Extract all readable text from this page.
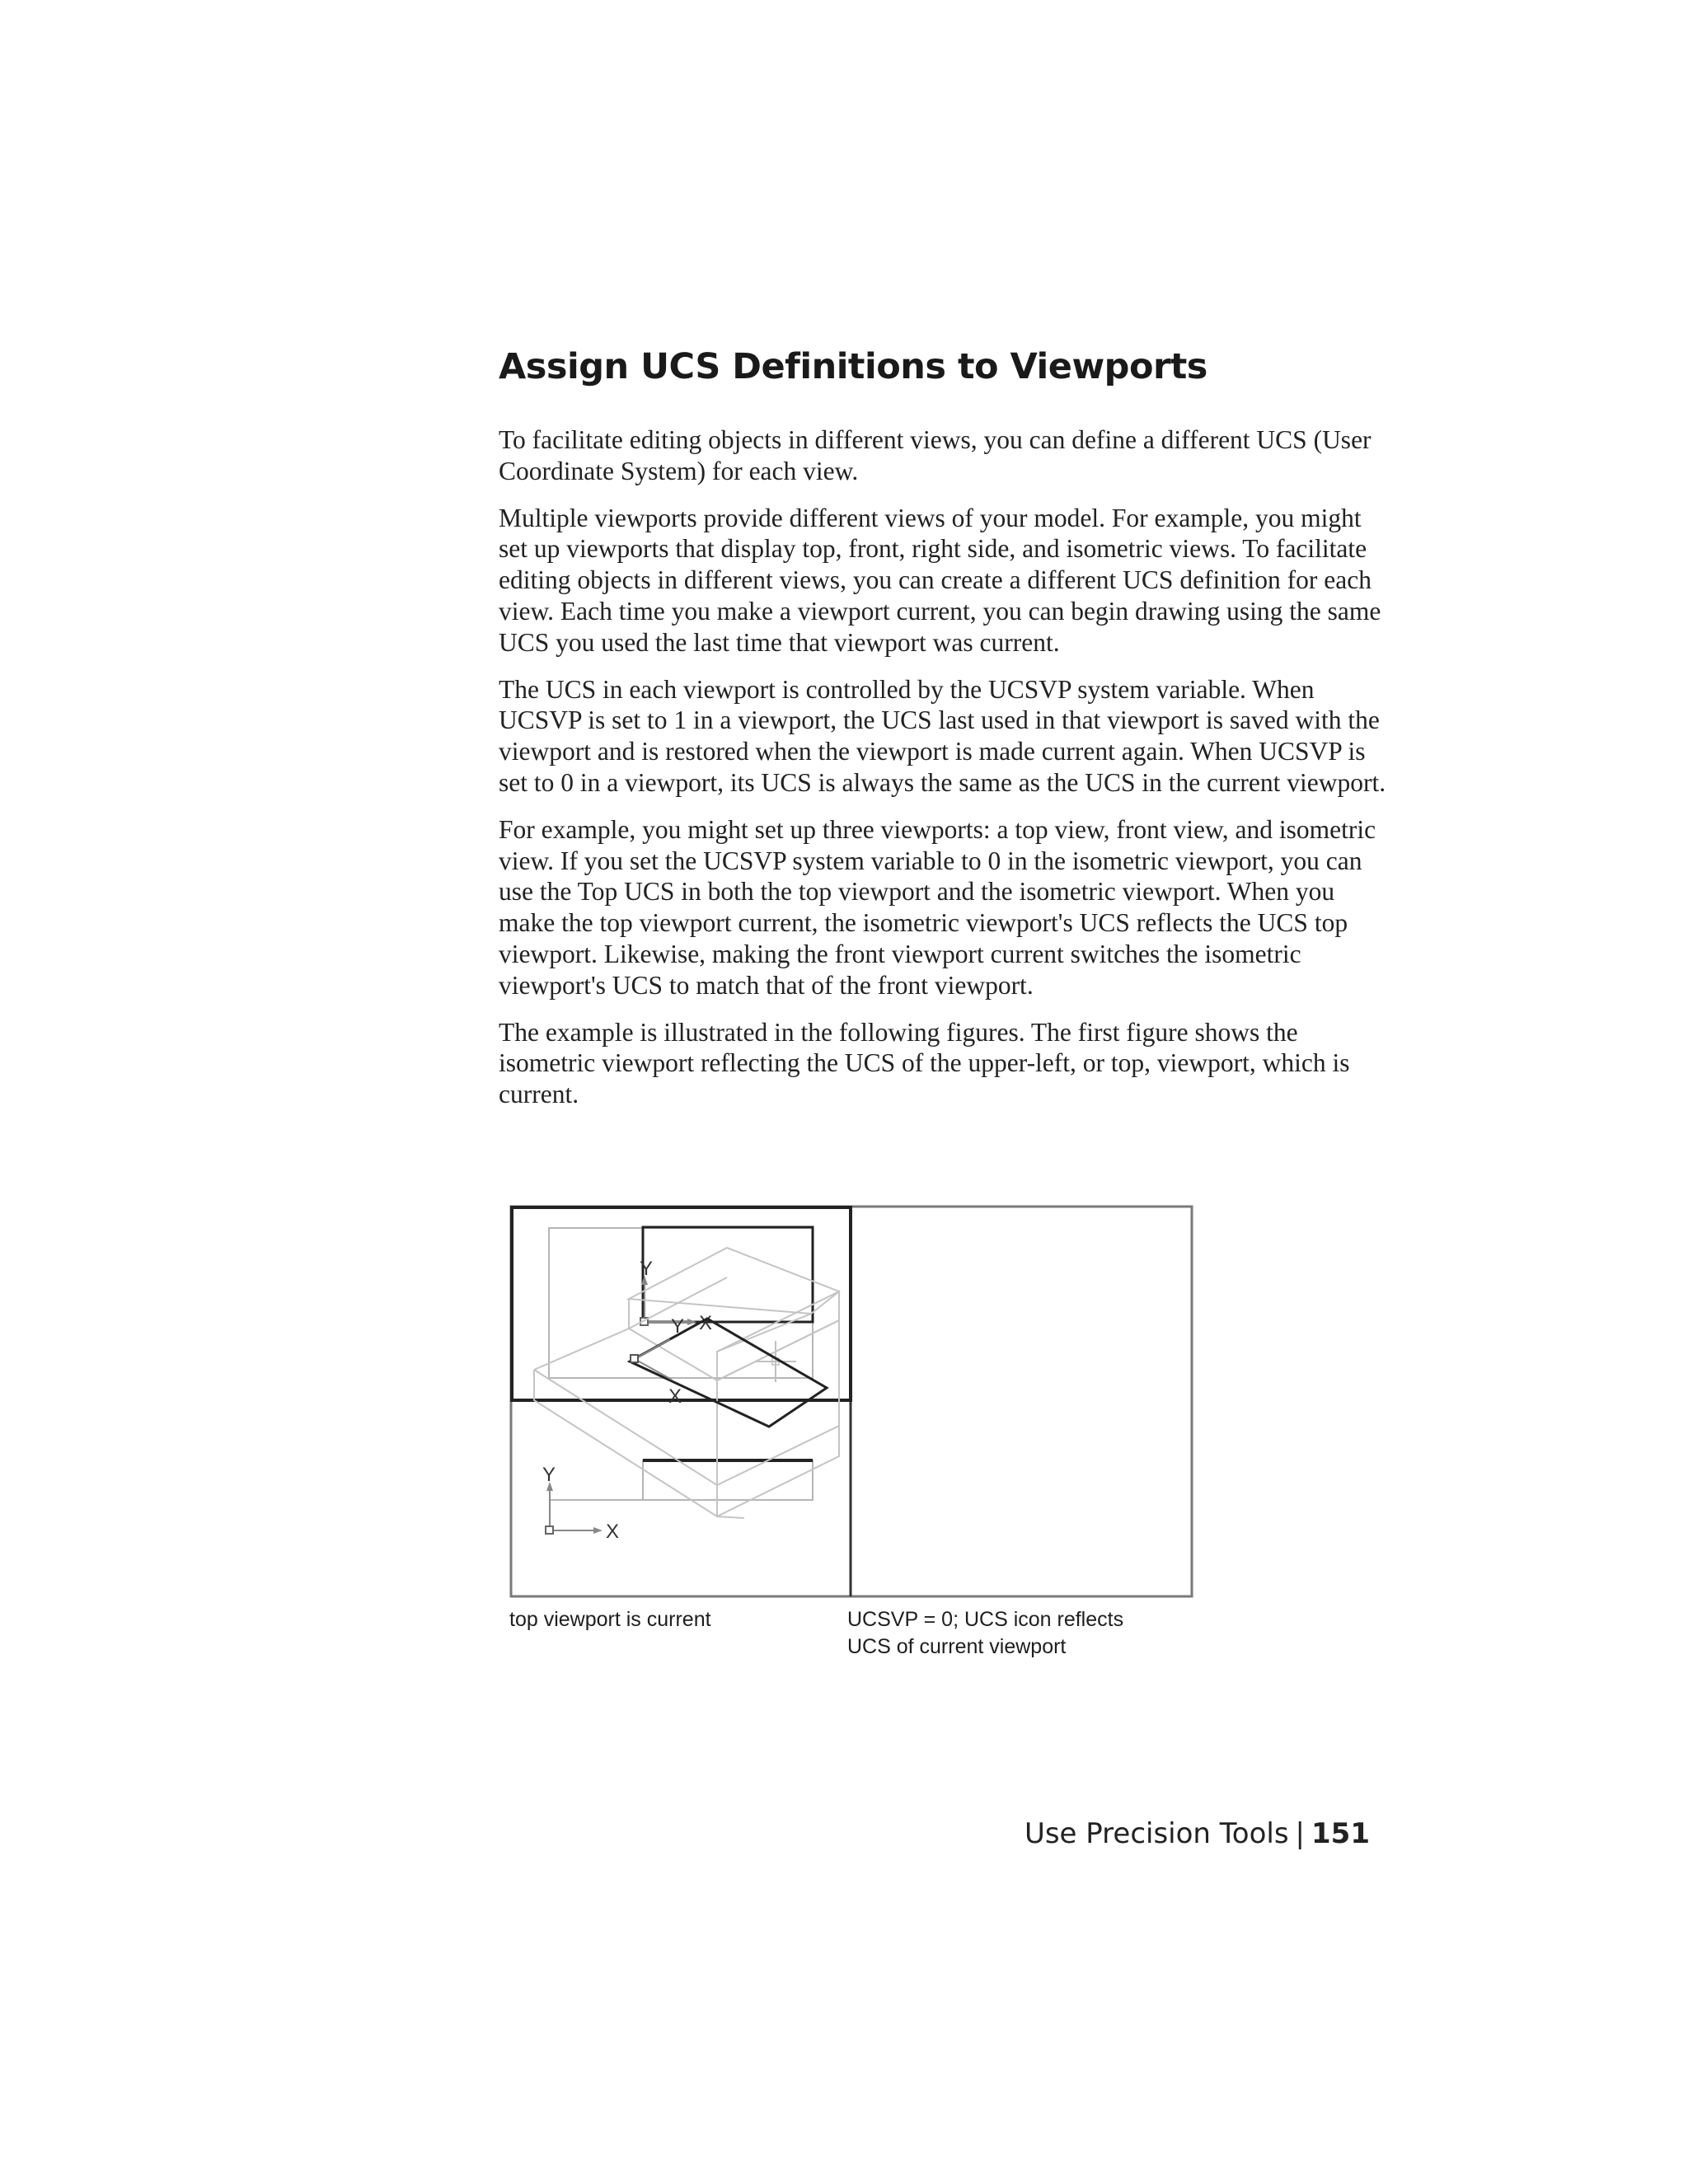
Assign UCS Definitions to Viewports

To facilitate editing objects in different views, you can define a different UCS (User Coordinate System) for each view.

Multiple viewports provide different views of your model. For example, you might set up viewports that display top, front, right side, and isometric views. To facilitate editing objects in different views, you can create a different UCS definition for each view. Each time you make a viewport current, you can begin drawing using the same UCS you used the last time that viewport was current.

The UCS in each viewport is controlled by the UCSVP system variable. When UCSVP is set to 1 in a viewport, the UCS last used in that viewport is saved with the viewport and is restored when the viewport is made current again. When UCSVP is set to 0 in a viewport, its UCS is always the same as the UCS in the current viewport.

For example, you might set up three viewports: a top view, front view, and isometric view. If you set the UCSVP system variable to 0 in the isometric viewport, you can use the Top UCS in both the top viewport and the isometric viewport. When you make the top viewport current, the isometric viewport's UCS reflects the UCS top viewport. Likewise, making the front viewport current switches the isometric viewport's UCS to match that of the front viewport.

The example is illustrated in the following figures. The first figure shows the isometric viewport reflecting the UCS of the upper-left, or top, viewport, which is current.

Y
X
Y
X
Y
X

top viewport is current	UCSVP = 0; UCS icon reflects
UCS of current viewport

Use Precision Tools | 151
